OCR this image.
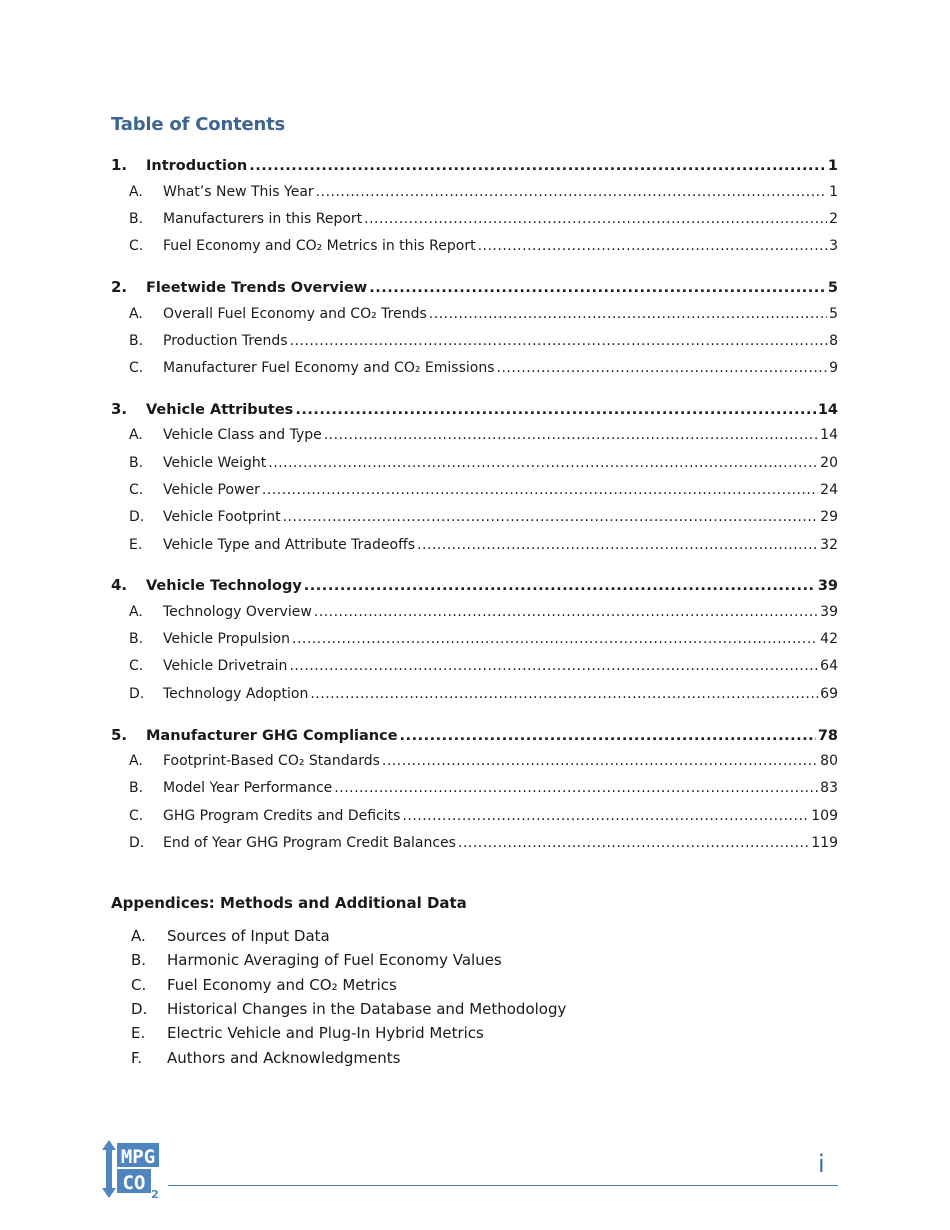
Table of Contents
1.	Introduction .....	1
A.	What’s New This Year .....	1
B.	Manufacturers in this Report .....	2
C.	Fuel Economy and CO₂ Metrics in this Report .....	3
2.	Fleetwide Trends Overview .....	5
A.	Overall Fuel Economy and CO₂ Trends .....	5
B.	Production Trends .....	8
C.	Manufacturer Fuel Economy and CO₂ Emissions .....	9
3.	Vehicle Attributes .....	14
A.	Vehicle Class and Type .....	14
B.	Vehicle Weight .....	20
C.	Vehicle Power .....	24
D.	Vehicle Footprint .....	29
E.	Vehicle Type and Attribute Tradeoffs .....	32
4.	Vehicle Technology .....	39
A.	Technology Overview .....	39
B.	Vehicle Propulsion .....	42
C.	Vehicle Drivetrain .....	64
D.	Technology Adoption .....	69
5.	Manufacturer GHG Compliance .....	78
A.	Footprint-Based CO₂ Standards .....	80
B.	Model Year Performance .....	83
C.	GHG Program Credits and Deficits .....	109
D.	End of Year GHG Program Credit Balances .....	119
Appendices: Methods and Additional Data
A.	Sources of Input Data
B.	Harmonic Averaging of Fuel Economy Values
C.	Fuel Economy and CO₂ Metrics
D.	Historical Changes in the Database and Methodology
E.	Electric Vehicle and Plug-In Hybrid Metrics
F.	Authors and Acknowledgments
MPG
CO
2
i
